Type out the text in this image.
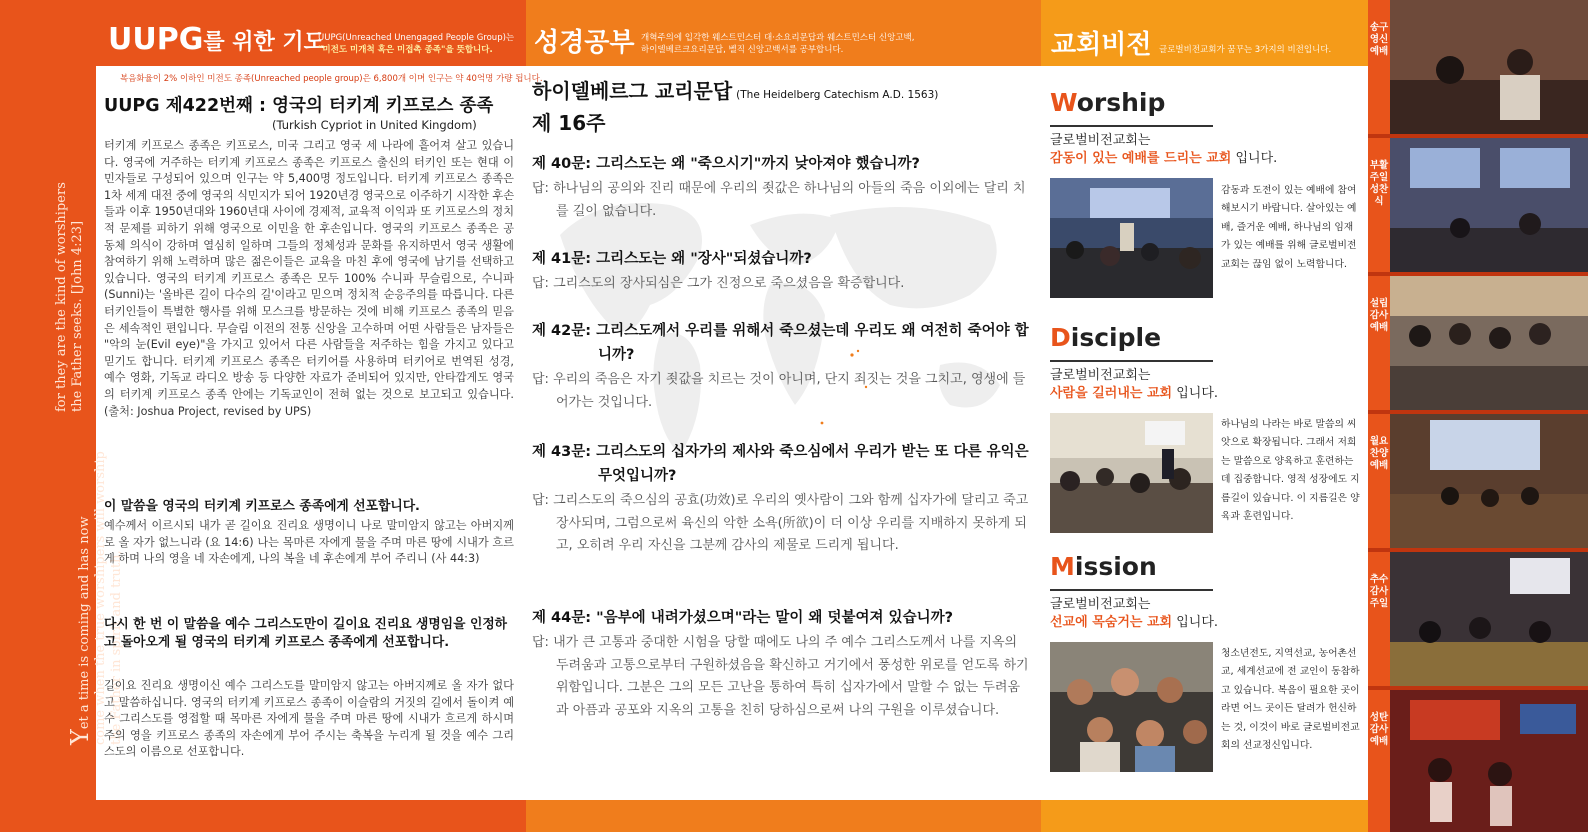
for they are the kind of worshipers the Father seeks. [John 4:23]
Yet a time is coming and has now come when the true worshipers will worship the Father in spirit and truth,
UUPG를 위한 기도
UUPG(Unreached Unengaged People Group)는
"미전도 미개척 혹은 미접촉 종족"을 뜻합니다.	성경공부 개혁주의에 입각한 웨스트민스터 대·소요리문답과 웨스트민스터 신앙고백,
하이델베르크요리문답, 벨직 신앙고백서를 공부합니다.	교회비전 글로벌비전교회가 꿈꾸는 3가지의 비전입니다.
복음화율이 2% 이하인 미전도 종족(Unreached people group)은 6,800개 이며 인구는 약 40억명 가량 됩니다.
UUPG 제422번째 : 영국의 터키계 키프로스 종족
(Turkish Cypriot in United Kingdom)
터키계 키프로스 종족은 키프로스, 미국 그리고 영국 세 나라에 흩어져 살고 있습니다. 영국에 거주하는 터키계 키프로스 종족은 키프로스 출신의 터키인 또는 현대 이민자들로 구성되어 있으며 인구는 약 5,400명 정도입니다. 터키계 키프로스 종족은 1차 세계 대전 중에 영국의 식민지가 되어 1920년경 영국으로 이주하기 시작한 후손들과 이후 1950년대와 1960년대 사이에 경제적, 교육적 이익과 또 키프로스의 정치적 문제를 피하기 위해 영국으로 이민을 한 후손입니다. 영국의 키프로스 종족은 공동체 의식이 강하며 열심히 일하며 그들의 정체성과 문화를 유지하면서 영국 생활에 참여하기 위해 노력하며 많은 젊은이들은 교육을 마친 후에 영국에 남기를 선택하고 있습니다. 영국의 터키계 키프로스 종족은 모두 100% 수니파 무슬림으로, 수니파(Sunni)는 '올바른 길이 다수의 길'이라고 믿으며 정치적 순응주의를 따릅니다. 다른 터키인들이 특별한 행사를 위해 모스크를 방문하는 것에 비해 키프로스 종족의 믿음은 세속적인 편입니다. 무슬림 이전의 전통 신앙을 고수하며 어떤 사람들은 남자들은 "악의 눈(Evil eye)"을 가지고 있어서 다른 사람들을 저주하는 힘을 가지고 있다고 믿기도 합니다. 터키계 키프로스 종족은 터키어를 사용하며 터키어로 번역된 성경, 예수 영화, 기독교 라디오 방송 등 다양한 자료가 준비되어 있지만, 안타깝게도 영국의 터키계 키프로스 종족 안에는 기독교인이 전혀 없는 것으로 보고되고 있습니다. (출처: Joshua Project, revised by UPS)
이 말씀을 영국의 터키계 키프로스 종족에게 선포합니다.
예수께서 이르시되 내가 곧 길이요 진리요 생명이니 나로 말미암지 않고는 아버지께로 올 자가 없느니라 (요 14:6) 나는 목마른 자에게 물을 주며 마른 땅에 시내가 흐르게 하며 나의 영을 네 자손에게, 나의 복을 네 후손에게 부어 주리니 (사 44:3)
다시 한 번 이 말씀을 예수 그리스도만이 길이요 진리요 생명임을 인정하고 돌아오게 될 영국의 터키계 키프로스 종족에게 선포합니다.
길이요 진리요 생명이신 예수 그리스도를 말미암지 않고는 아버지께로 올 자가 없다고 말씀하십니다. 영국의 터키계 키프로스 종족이 이슬람의 거짓의 길에서 돌이켜 예수 그리스도를 영접할 때 목마른 자에게 물을 주며 마른 땅에 시내가 흐르게 하시며 주의 영을 키프로스 종족의 자손에게 부어 주시는 축복을 누리게 될 것을 예수 그리스도의 이름으로 선포합니다.
하이델베르그 교리문답 (The Heidelberg Catechism A.D. 1563)
제 16주
제 40문: 그리스도는 왜 "죽으시기"까지 낮아져야 했습니까?
답: 하나님의 공의와 진리 때문에 우리의 죗값은 하나님의 아들의 죽음 이외에는 달리 치를 길이 없습니다.
제 41문: 그리스도는 왜 "장사"되셨습니까?
답: 그리스도의 장사되심은 그가 진정으로 죽으셨음을 확증합니다.
제 42문: 그리스도께서 우리를 위해서 죽으셨는데 우리도 왜 여전히 죽어야 합니까?
답: 우리의 죽음은 자기 죗값을 치르는 것이 아니며, 단지 죄짓는 것을 그치고, 영생에 들어가는 것입니다.
제 43문: 그리스도의 십자가의 제사와 죽으심에서 우리가 받는 또 다른 유익은 무엇입니까?
답: 그리스도의 죽으심의 공효(功效)로 우리의 옛사람이 그와 함께 십자가에 달리고 죽고 장사되며, 그럼으로써 육신의 악한 소욕(所欲)이 더 이상 우리를 지배하지 못하게 되고, 오히려 우리 자신을 그분께 감사의 제물로 드리게 됩니다.
제 44문: "음부에 내려가셨으며"라는 말이 왜 덧붙여져 있습니까?
답: 내가 큰 고통과 중대한 시험을 당할 때에도 나의 주 예수 그리스도께서 나를 지옥의 두려움과 고통으로부터 구원하셨음을 확신하고 거기에서 풍성한 위로를 얻도록 하기 위함입니다. 그분은 그의 모든 고난을 통하여 특히 십자가에서 말할 수 없는 두려움과 아픔과 공포와 지옥의 고통을 친히 당하심으로써 나의 구원을 이루셨습니다.
Worship
글로벌비전교회는
감동이 있는 예배를 드리는 교회 입니다.
감동과 도전이 있는 예배에 참여해보시기 바랍니다. 살아있는 예배, 즐거운 예배, 하나님의 임재가 있는 예배를 위해 글로벌비전교회는 끊임 없이 노력합니다.
Disciple
글로벌비전교회는
사람을 길러내는 교회 입니다.
하나님의 나라는 바로 말씀의 씨앗으로 확장됩니다. 그래서 저희는 말씀으로 양육하고 훈련하는데 집중합니다. 영적 성장에도 지름길이 있습니다. 이 지름길은 양육과 훈련입니다.
Mission
글로벌비전교회는
선교에 목숨거는 교회 입니다.
청소년전도, 지역선교, 농어촌선교, 세계선교에 전 교인이 동참하고 있습니다. 복음이 필요한 곳이라면 어느 곳이든 달려가 헌신하는 것, 이것이 바로 글로벌비전교회의 선교정신입니다.
송구영신예배
부활주일 성찬식
설립감사예배
월요찬양예배
추수감사주일
성탄감사예배
